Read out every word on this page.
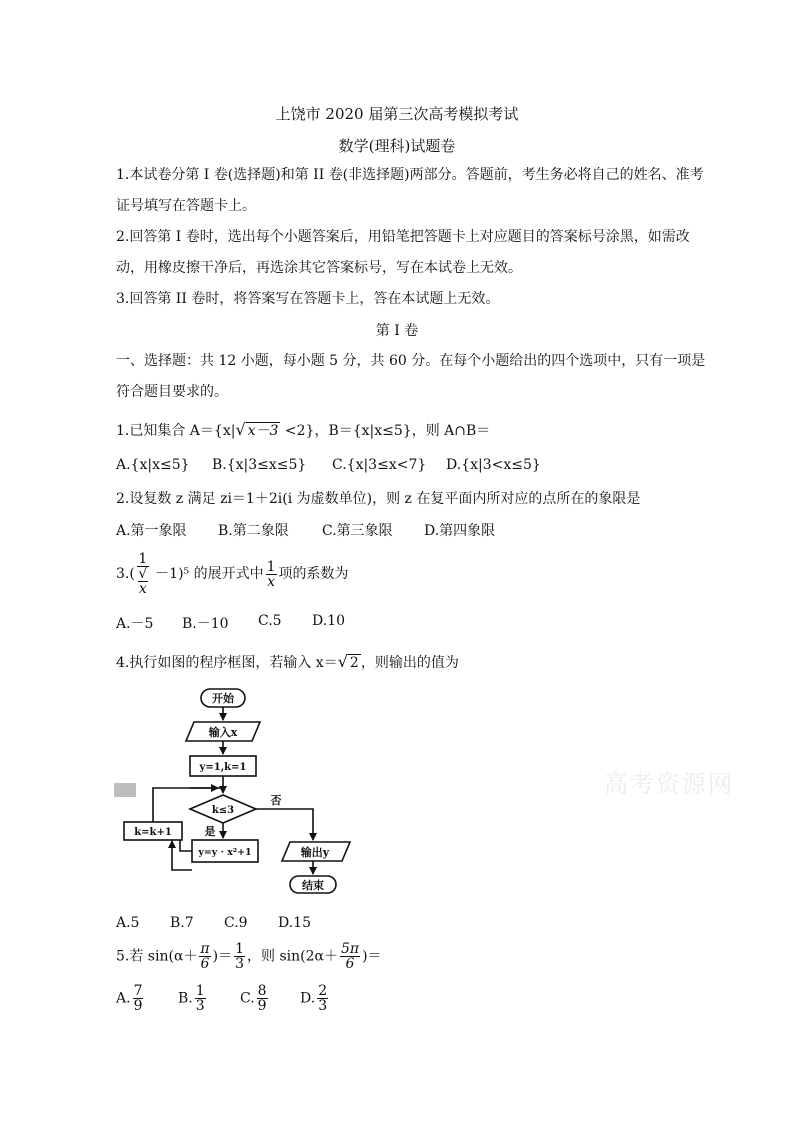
上饶市 2020 届第三次高考模拟考试
数学(理科)试题卷
1.本试卷分第 I 卷(选择题)和第 II 卷(非选择题)两部分。答题前，考生务必将自己的姓名、准考证号填写在答题卡上。
2.回答第 I 卷时，选出每个小题答案后，用铅笔把答题卡上对应题目的答案标号涂黑，如需改动，用橡皮擦干净后，再选涂其它答案标号，写在本试卷上无效。
3.回答第 II 卷时，将答案写在答题卡上，答在本试题上无效。
第 I 卷
一、选择题：共 12 小题，每小题 5 分，共 60 分。在每个小题给出的四个选项中，只有一项是符合题目要求的。
1.已知集合 A＝{x|√ x－3 <2}，B＝{x|x≤5}，则 A∩B＝
A.{x|x≤5} B.{x|3≤x≤5} C.{x|3≤x<7} D.{x|3<x≤5}
2.设复数 z 满足 zi＝1＋2i(i 为虚数单位)，则 z 在复平面内所对应的点所在的象限是
A.第一象限 B.第二象限 C.第三象限 D.第四象限
3.( 1
√
x －1)⁵ 的展开式中 $\frac{1}{x}$ 项的系数为
A.－5 B.－10 C.5 D.10
4.执行如图的程序框图，若输入 x＝√ 2 ，则输出的值为
开始
输入x
y=1,k=1
k≤3
否
是
y=y · x²+1
k=k+1
输出y
结束
高考资源网
A.5 B.7 C.9 D.15
5.若 $\sin(\alpha+ \frac{\pi}{6}$ )＝ $\frac{1}{3}$ ，则 $\sin(2\alpha+ \frac{5\pi}{6}$ )＝
A. $\frac{7}{9} B$. $\frac{1}{3} C$. $\frac{8}{9} D$. $\frac{2}{3}$
